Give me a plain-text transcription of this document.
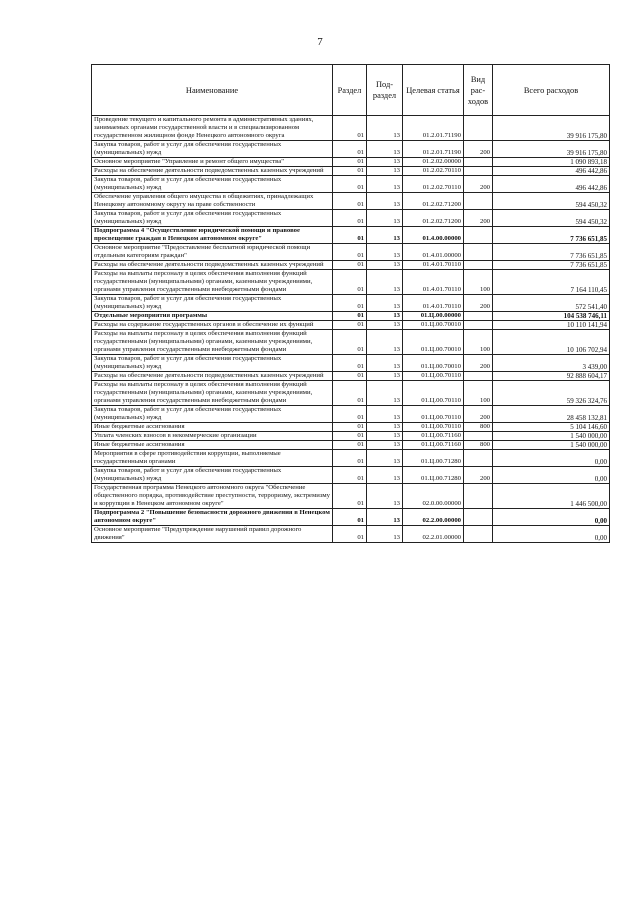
7
Наименование	Раздел	Под-раздел	Целевая статья	Вид рас-ходов	Всего расходов
Проведение текущего и капитального ремонта в административных зданиях, занимаемых органами государственной власти и в специализированном государственном жилищном фонде Ненецкого автономного округа	01	13	01.2.01.71190		39 916 175,80
Закупка товаров, работ и услуг для обеспечения государственных (муниципальных) нужд	01	13	01.2.01.71190	200	39 916 175,80
Основное мероприятие "Управление и ремонт общего имущества"	01	13	01.2.02.00000		1 090 893,18
Расходы на обеспечение деятельности подведомственных казенных учреждений	01	13	01.2.02.70110		496 442,86
Закупка товаров, работ и услуг для обеспечения государственных (муниципальных) нужд	01	13	01.2.02.70110	200	496 442,86
Обеспечение управления общего имущества в общежитиях, принадлежащих Ненецкому автономному округу на праве собственности	01	13	01.2.02.71200		594 450,32
Закупка товаров, работ и услуг для обеспечения государственных (муниципальных) нужд	01	13	01.2.02.71200	200	594 450,32
Подпрограмма 4 "Осуществление юридической помощи и правовое просвещение граждан в Ненецком автономном округе"	01	13	01.4.00.00000		7 736 651,85
Основное мероприятие "Предоставление бесплатной юридической помощи отдельным категориям граждан"	01	13	01.4.01.00000		7 736 651,85
Расходы на обеспечение деятельности подведомственных казенных учреждений	01	13	01.4.01.70110		7 736 651,85
Расходы на выплаты персоналу в целях обеспечения выполнения функций государственными (муниципальными) органами, казенными учреждениями, органами управления государственными внебюджетными фондами	01	13	01.4.01.70110	100	7 164 110,45
Закупка товаров, работ и услуг для обеспечения государственных (муниципальных) нужд	01	13	01.4.01.70110	200	572 541,40
Отдельные мероприятия программы	01	13	01.Ц.00.00000		104 538 746,11
Расходы на содержание государственных органов и обеспечение их функций	01	13	01.Ц.00.70010		10 110 141,94
Расходы на выплаты персоналу в целях обеспечения выполнения функций государственными (муниципальными) органами, казенными учреждениями, органами управления государственными внебюджетными фондами	01	13	01.Ц.00.70010	100	10 106 702,94
Закупка товаров, работ и услуг для обеспечения государственных (муниципальных) нужд	01	13	01.Ц.00.70010	200	3 439,00
Расходы на обеспечение деятельности подведомственных казенных учреждений	01	13	01.Ц.00.70110		92 888 604,17
Расходы на выплаты персоналу в целях обеспечения выполнения функций государственными (муниципальными) органами, казенными учреждениями, органами управления государственными внебюджетными фондами	01	13	01.Ц.00.70110	100	59 326 324,76
Закупка товаров, работ и услуг для обеспечения государственных (муниципальных) нужд	01	13	01.Ц.00.70110	200	28 458 132,81
Иные бюджетные ассигнования	01	13	01.Ц.00.70110	800	5 104 146,60
Уплата членских взносов в некоммерческие организации	01	13	01.Ц.00.71160		1 540 000,00
Иные бюджетные ассигнования	01	13	01.Ц.00.71160	800	1 540 000,00
Мероприятия в сфере противодействия коррупции, выполняемые государственными органами	01	13	01.Ц.00.71280		0,00
Закупка товаров, работ и услуг для обеспечения государственных (муниципальных) нужд	01	13	01.Ц.00.71280	200	0,00
Государственная программа Ненецкого автономного округа "Обеспечение общественного порядка, противодействие преступности, терроризму, экстремизму и коррупции в Ненецком автономном округе"	01	13	02.0.00.00000		1 446 500,00
Подпрограмма 2 "Повышение безопасности дорожного движения в Ненецком автономном округе"	01	13	02.2.00.00000		0,00
Основное мероприятие "Предупреждение нарушений правил дорожного движения"	01	13	02.2.01.00000		0,00
